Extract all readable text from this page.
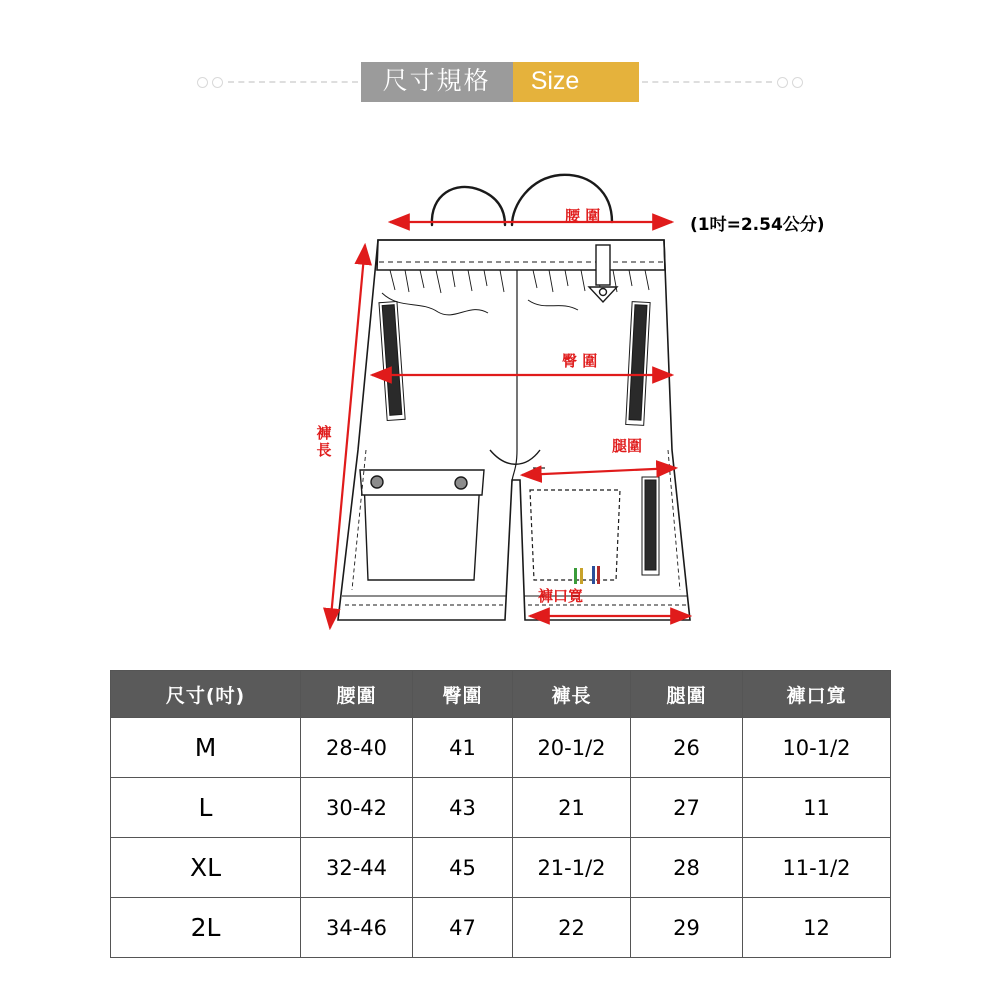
尺寸規格	Size
(1吋=2.54公分)
腰 圍
臀 圍
腿圍
褲長
褲口寬
尺寸(吋)	腰圍	臀圍	褲長	腿圍	褲口寬
M	28-40	41	20-1/2	26	10-1/2
L	30-42	43	21	27	11
XL	32-44	45	21-1/2	28	11-1/2
2L	34-46	47	22	29	12
